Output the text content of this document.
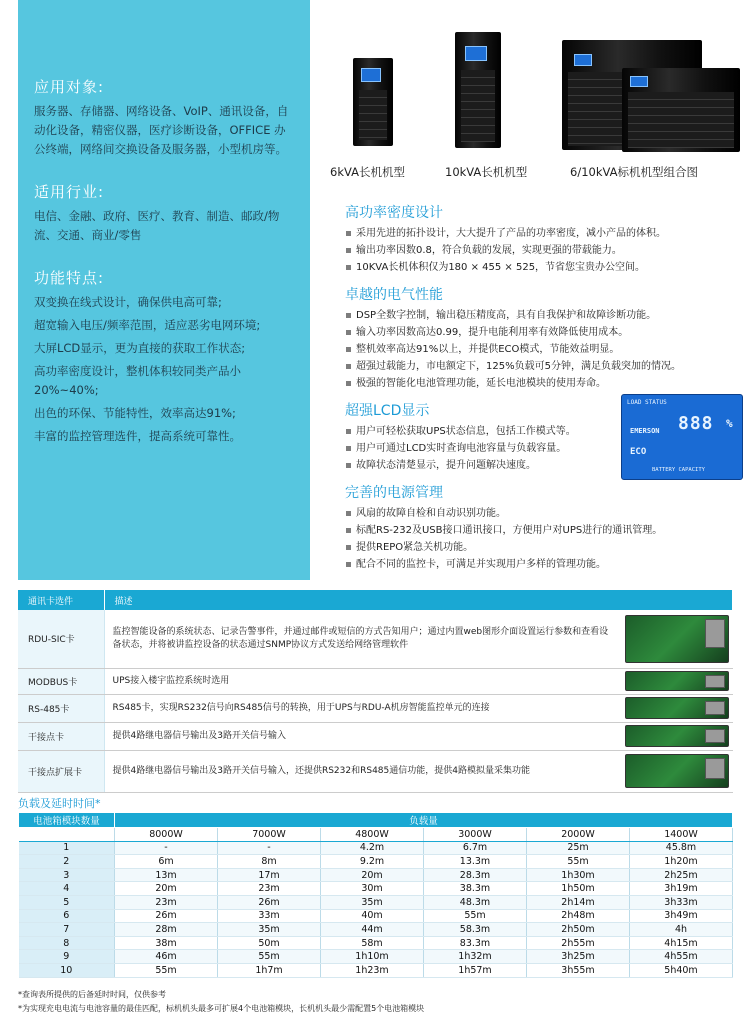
应用对象:
服务器、存储器、网络设备、VoIP、通讯设备，自动化设备，精密仪器，医疗诊断设备，OFFICE 办公终端，网络间交换设备及服务器，小型机房等。
适用行业:
电信、金融、政府、医疗、教育、制造、邮政/物流、交通、商业/零售
功能特点:
双变换在线式设计，确保供电高可靠;
超宽输入电压/频率范围，适应恶劣电网环境;
大屏LCD显示，更为直接的获取工作状态;
高功率密度设计，整机体积较同类产品小20%~40%;
出色的环保、节能特性，效率高达91%;
丰富的监控管理选件，提高系统可靠性。
6kVA长机机型	10kVA长机机型	6/10kVA标机机型组合图
高功率密度设计
采用先进的拓扑设计，大大提升了产品的功率密度，减小产品的体积。
输出功率因数0.8，符合负载的发展，实现更强的带载能力。
10KVA长机体积仅为180 × 455 × 525，节省您宝贵办公空间。
卓越的电气性能
DSP全数字控制，输出稳压精度高，具有自我保护和故障诊断功能。
输入功率因数高达0.99，提升电能利用率有效降低使用成本。
整机效率高达91%以上，并提供ECO模式，节能效益明显。
超强过载能力，市电额定下，125%负载可5分钟，满足负载突加的情况。
极强的智能化电池管理功能，延长电池模块的使用寿命。
超强LCD显示
用户可轻松获取UPS状态信息，包括工作模式等。
用户可通过LCD实时查询电池容量与负载容量。
故障状态清楚显示，提升问题解决速度。
LOAD STATUS
EMERSON 888 %
ECO
BATTERY CAPACITY
完善的电源管理
风扇的故障自检和自动识别功能。
标配RS-232及USB接口通讯接口，方便用户对UPS进行的通讯管理。
提供REPO紧急关机功能。
配合不同的监控卡，可满足并实现用户多样的管理功能。
通讯卡选件	描述	
RDU-SIC卡	监控智能设备的系统状态、记录告警事件，并通过邮件或短信的方式告知用户；通过内置web图形介面设置运行参数和查看设备状态，并将被讲监控设备的状态通过SNMP协议方式发送给网络管理软件	

MODBUS卡	UPS接入楼宇监控系统时选用	

RS-485卡	RS485卡，实现RS232信号向RS485信号的转换，用于UPS与RDU-A机房智能监控单元的连接	

干接点卡	提供4路继电器信号输出及3路开关信号输入	

干接点扩展卡	提供4路继电器信号输出及3路开关信号输入，还提供RS232和RS485通信功能，提供4路模拟量采集功能	
负载及延时时间*
电池箱模块数量	负载量					
	8000W	7000W	4800W	3000W	2000W	1400W
1	-	-	4.2m	6.7m	25m	45.8m
2	6m	8m	9.2m	13.3m	55m	1h20m
3	13m	17m	20m	28.3m	1h30m	2h25m
4	20m	23m	30m	38.3m	1h50m	3h19m
5	23m	26m	35m	48.3m	2h14m	3h33m
6	26m	33m	40m	55m	2h48m	3h49m
7	28m	35m	44m	58.3m	2h50m	4h
8	38m	50m	58m	83.3m	2h55m	4h15m
9	46m	55m	1h10m	1h32m	3h25m	4h55m
10	55m	1h7m	1h23m	1h57m	3h55m	5h40m
*查询表所提供的后备延时时间，仅供参考
*为实现充电电流与电池容量的最佳匹配，标机机头最多可扩展4个电池箱模块，长机机头最少需配置5个电池箱模块
